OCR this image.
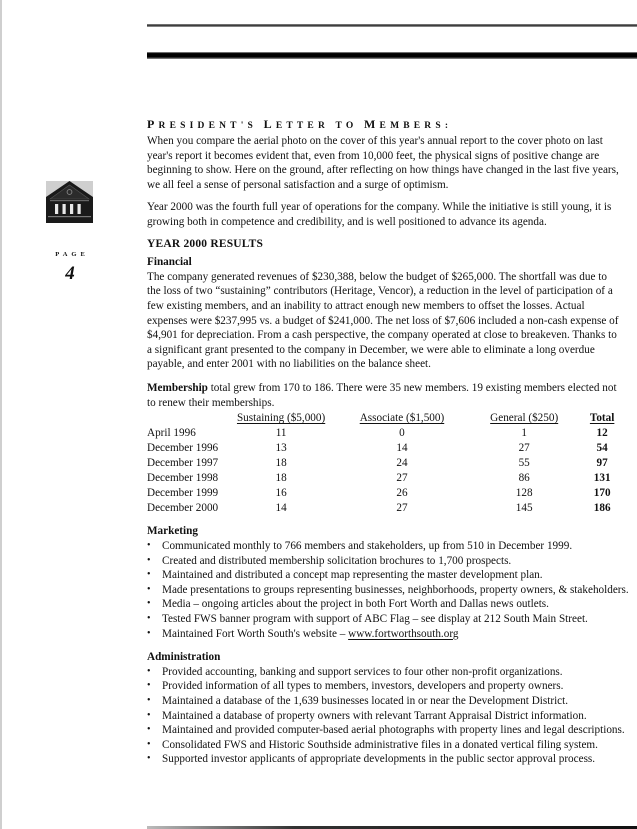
PAGE
4
PRESIDENT'S LETTER TO MEMBERS:

When you compare the aerial photo on the cover of this year's annual report to the cover photo on last year's report it becomes evident that, even from 10,000 feet, the physical signs of positive change are beginning to show. Here on the ground, after reflecting on how things have changed in the last five years, we all feel a sense of personal satisfaction and a surge of optimism.

Year 2000 was the fourth full year of operations for the company. While the initiative is still young, it is growing both in competence and credibility, and is well positioned to advance its agenda.

YEAR 2000 RESULTS
Financial

The company generated revenues of $230,388, below the budget of $265,000. The shortfall was due to the loss of two “sustaining” contributors (Heritage, Vencor), a reduction in the level of participation of a few existing members, and an inability to attract enough new members to offset the losses. Actual expenses were $237,995 vs. a budget of $241,000. The net loss of $7,606 included a non-cash expense of $4,901 for depreciation. From a cash perspective, the company operated at close to breakeven. Thanks to a significant grant presented to the company in December, we were able to eliminate a long overdue payable, and enter 2001 with no liabilities on the balance sheet.

Membership total grew from 170 to 186. There were 35 new members. 19 existing members elected not to renew their memberships.

	Sustaining ($5,000)	Associate ($1,500)	General ($250)	Total
April 1996	11	0	1	12
December 1996	13	14	27	54
December 1997	18	24	55	97
December 1998	18	27	86	131
December 1999	16	26	128	170
December 2000	14	27	145	186
Marketing
• Communicated monthly to 766 members and stakeholders, up from 510 in December 1999.
• Created and distributed membership solicitation brochures to 1,700 prospects.
• Maintained and distributed a concept map representing the master development plan.
• Made presentations to groups representing businesses, neighborhoods, property owners, & stakeholders.
• Media – ongoing articles about the project in both Fort Worth and Dallas news outlets.
• Tested FWS banner program with support of ABC Flag – see display at 212 South Main Street.
• Maintained Fort Worth South's website – www.fortworthsouth.org
Administration
• Provided accounting, banking and support services to four other non-profit organizations.
• Provided information of all types to members, investors, developers and property owners.
• Maintained a database of the 1,639 businesses located in or near the Development District.
• Maintained a database of property owners with relevant Tarrant Appraisal District information.
• Maintained and provided computer-based aerial photographs with property lines and legal descriptions.
• Consolidated FWS and Historic Southside administrative files in a donated vertical filing system.
• Supported investor applicants of appropriate developments in the public sector approval process.
